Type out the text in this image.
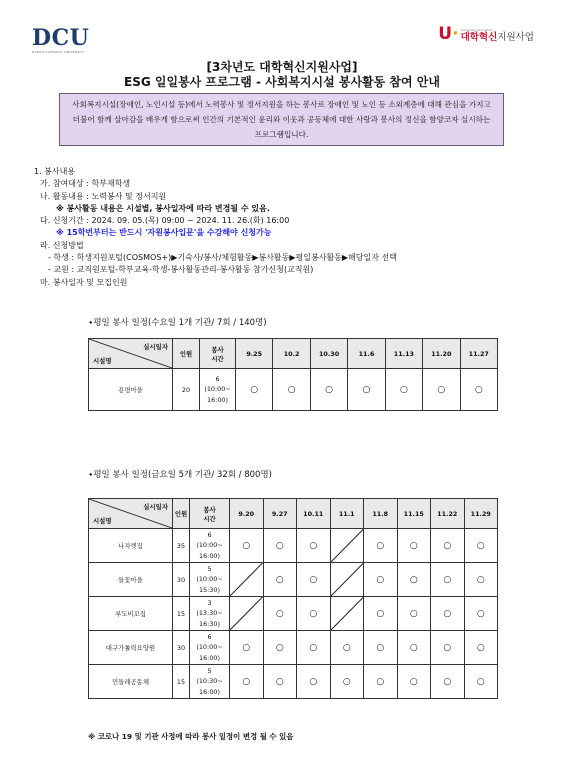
DCU
DAEGU CATHOLIC UNIVERSITY
U· University Innovation
대학혁신지원사업
[3차년도 대학혁신지원사업]
ESG 일일봉사 프로그램 - 사회복지시설 봉사활동 참여 안내
사회복지시설(장애인, 노인시설 등)에서 노력봉사 및 정서지원을 하는 봉사로 장애인 및 노인 등 소외계층에 대해 관심을 가지고 더불어 함께 살아감을 배우게 함으로써 인간의 기본적인 윤리와 이웃과 공동체에 대한 사랑과 봉사의 정신을 함양코자 실시하는 프로그램입니다.
1. 봉사내용
가. 참여대상 : 학부재학생
나. 활동내용 : 노력봉사 및 정서지원
※ 봉사활동 내용은 시설별, 봉사일자에 따라 변경될 수 있음.
다. 신청기간 : 2024. 09. 05.(목) 09:00 ~ 2024. 11. 26.(화) 16:00
※ 15학번부터는 반드시 '자원봉사입문'을 수강해야 신청가능
라. 신청방법
- 학생 : 학생지원포털(COSMOS+)▶기숙사/봉사/체험활동▶봉사활동▶평일봉사활동▶해당일자 선택
- 교원 : 교직원포털-학부교육-학생-봉사활동관리-봉사활동 참가신청(교직원)
마. 봉사일자 및 모집인원
∙평일 봉사 일정(수요일 1개 기관/ 7회 / 140명)
실시일자
시설명	인원	봉사
시간	9.25	10.2	10.30	11.6	11.13	11.20	11.27
용평마을	20	6
(10:00~
16:00)	○	○	○	○	○	○	○
∙평일 봉사 일정(금요일 5개 기관/ 32회 / 800명)
실시일자
시설명	인원	봉사
시간	9.20	9.27	10.11	11.1	11.8	11.15	11.22	11.29
나자렛집	35	6
(10:00~
16:00)	○	○	○		○	○	○	○
들꽃마을	30	5
(10:00~
15:30)		○	○		○	○	○	○
루도비꼬집	15	3
(13:30~
16:30)		○	○		○	○	○	○
대구가톨릭요양원	30	6
(10:00~
16:00)	○	○	○	○	○	○	○	○
민들레공동체	15	5
(10:30~
16:00)	○	○	○	○	○	○	○	○
※ 코로나 19 및 기관 사정에 따라 봉사 일정이 변경 될 수 있음
